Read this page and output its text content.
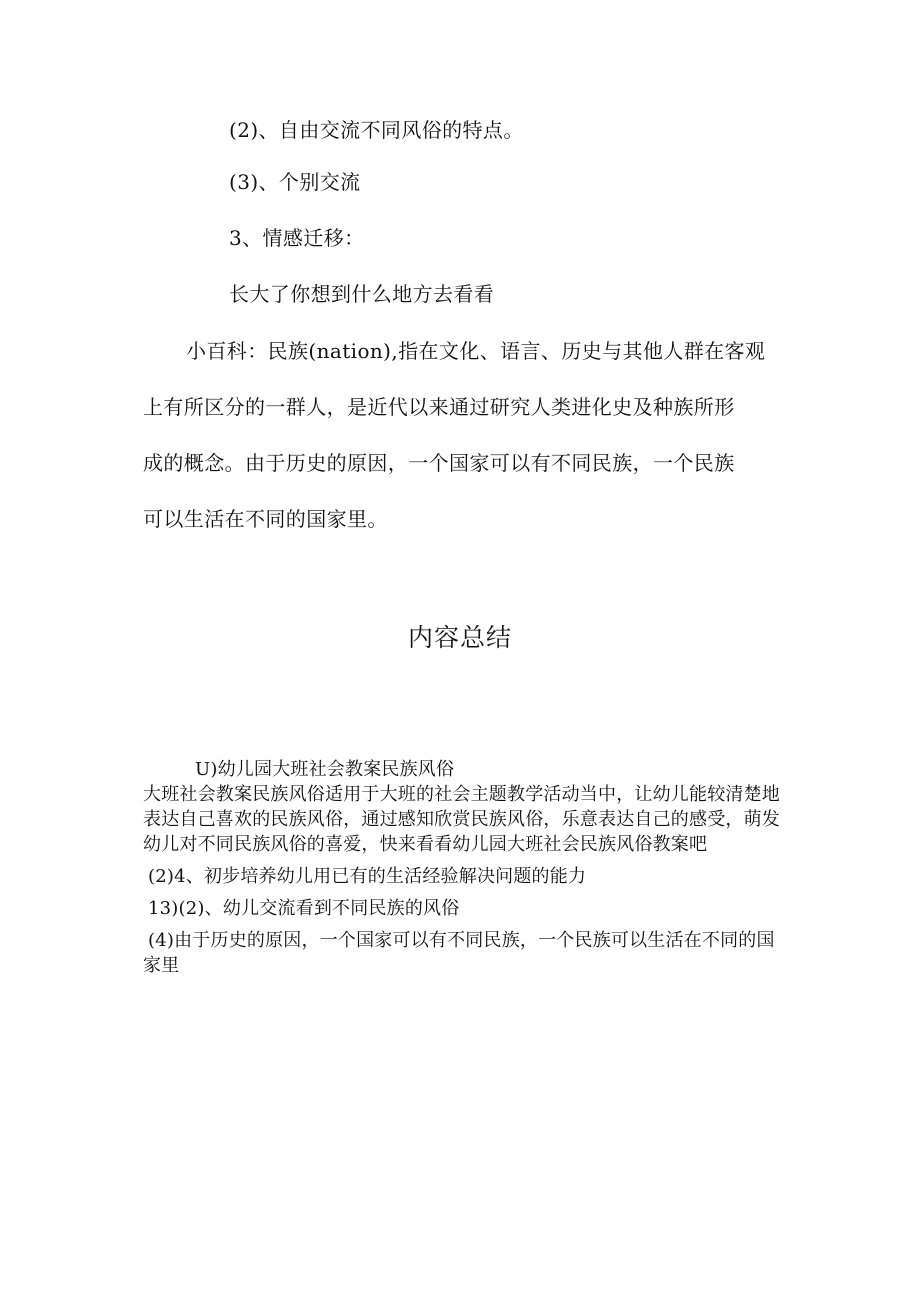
(2)、自由交流不同风俗的特点。

(3)、个别交流

3、情感迁移：

长大了你想到什么地方去看看

小百科：民族(nation),指在文化、语言、历史与其他人群在客观

上有所区分的一群人，是近代以来通过研究人类进化史及种族所形

成的概念。由于历史的原因，一个国家可以有不同民族，一个民族

可以生活在不同的国家里。

内容总结

U)幼儿园大班社会教案民族风俗

大班社会教案民族风俗适用于大班的社会主题教学活动当中，让幼儿能较清楚地表达自己喜欢的民族风俗，通过感知欣赏民族风俗，乐意表达自己的感受，萌发幼儿对不同民族风俗的喜爱，快来看看幼儿园大班社会民族风俗教案吧

(2)4、初步培养幼儿用已有的生活经验解决问题的能力

13)(2)、幼儿交流看到不同民族的风俗

(4)由于历史的原因，一个国家可以有不同民族，一个民族可以生活在不同的国家里
